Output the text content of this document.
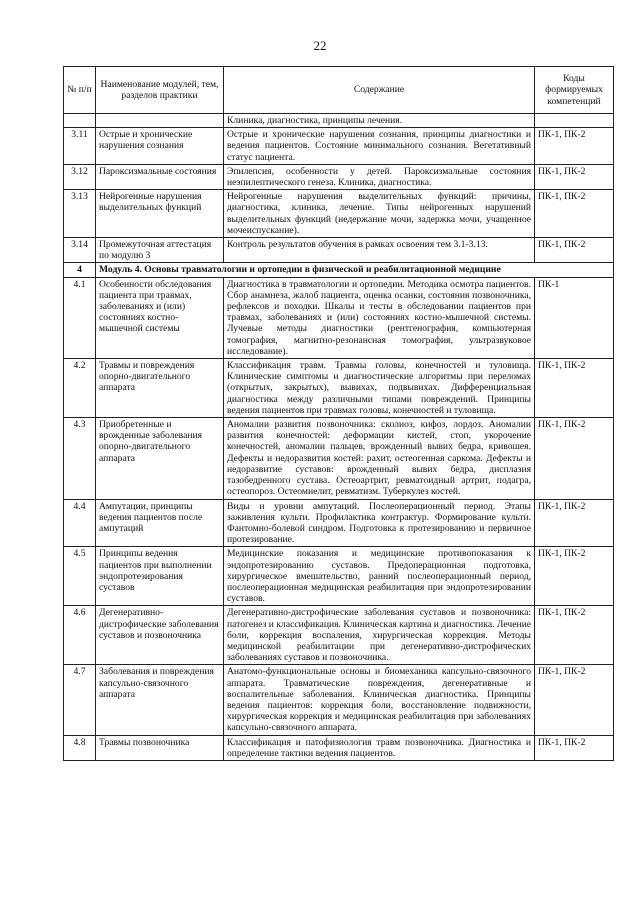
22
№ п/п	Наименование модулей, тем, разделов практики	Содержание	Коды формируемых компетенций
		Клиника, диагностика, принципы лечения.	
3.11	Острые и хронические нарушения сознания	Острые и хронические нарушения сознания, принципы диагностики и ведения пациентов. Состояние минимального сознания. Вегетативный статус пациента.	ПК-1, ПК-2
3.12	Пароксизмальные состояния	Эпилепсия, особенности у детей. Пароксизмальные состояния неэпилептического генеза. Клиника, диагностика.	ПК-1, ПК-2
3.13	Нейрогенные нарушения выделительных функций	Нейрогенные нарушения выделительных функций: причины, диагностика, клиника, лечение. Типы нейрогенных нарушений выделительных функций (недержание мочи, задержка мочи, учащенное мочеиспускание).	ПК-1, ПК-2
3.14	Промежуточная аттестация по модулю 3	Контроль результатов обучения в рамках освоения тем 3.1-3.13.	ПК-1, ПК-2
4	Модуль 4. Основы травматологии и ортопедии в физической и реабилитационной медицине		
4.1	Особенности обследования пациента при травмах, заболеваниях и (или) состояниях костно-мышечной системы	Диагностика в травматологии и ортопедии. Методика осмотра пациентов. Сбор анамнеза, жалоб пациента, оценка осанки, состояния позвоночника, рефлексов и походки. Шкалы и тесты в обследовании пациентов при травмах, заболеваниях и (или) состояниях костно-мышечной системы. Лучевые методы диагностики (рентгенография, компьютерная томография, магнитно-резонансная томография, ультразвуковое исследование).	ПК-1
4.2	Травмы и повреждения опорно-двигательного аппарата	Классификация травм. Травмы головы, конечностей и туловища. Клинические симптомы и диагностические алгоритмы при переломах (открытых, закрытых), вывихах, подвывихах. Дифференциальная диагностика между различными типами повреждений. Принципы ведения пациентов при травмах головы, конечностей и туловища.	ПК-1, ПК-2
4.3	Приобретенные и врожденные заболевания опорно-двигательного аппарата	Аномалии развития позвоночника: сколиоз, кифоз, лордоз. Аномалии развития конечностей: деформации кистей, стоп, укорочение конечностей, аномалии пальцев, врожденный вывих бедра, кривошея. Дефекты и недоразвития костей: рахит, остеогенная саркома. Дефекты и недоразвитие суставов: врожденный вывих бедра, дисплазия тазобедренного сустава. Остеоартрит, ревматоидный артрит, подагра, остеопороз. Остеомиелит, ревматизм. Туберкулез костей.	ПК-1, ПК-2
4.4	Ампутации, принципы ведения пациентов после ампутаций	Виды и уровни ампутаций. Послеоперационный период. Этапы заживления культи. Профилактика контрактур. Формирование культи. Фантомно-болевой синдром. Подготовка к протезированию и первичное протезирование.	ПК-1, ПК-2
4.5	Принципы ведения пациентов при выполнении эндопротезирования суставов	Медицинские показания и медицинские противопоказания к эндопротезированию суставов. Предоперационная подготовка, хирургическое вмешательство, ранний послеоперационный период, послеоперационная медицинская реабилитация при эндопротезировании суставов.	ПК-1, ПК-2
4.6	Дегенеративно-дистрофические заболевания суставов и позвоночника	Дегенеративно-дистрофические заболевания суставов и позвоночника: патогенез и классификация. Клиническая картина и диагностика. Лечение боли, коррекция воспаления, хирургическая коррекция. Методы медицинской реабилитации при дегенеративно-дистрофических заболеваниях суставов и позвоночника.	ПК-1, ПК-2
4.7	Заболевания и повреждения капсульно-связочного аппарата	Анатомо-функциональные основы и биомеханика капсульно-связочного аппарата. Травматические повреждения, дегенеративные и воспалительные заболевания. Клиническая диагностика. Принципы ведения пациентов: коррекция боли, восстановление подвижности, хирургическая коррекция и медицинская реабилитация при заболеваниях капсульно-связочного аппарата.	ПК-1, ПК-2
4.8	Травмы позвоночника	Классификация и патофизиология травм позвоночника. Диагностика и определение тактики ведения пациентов.	ПК-1, ПК-2
